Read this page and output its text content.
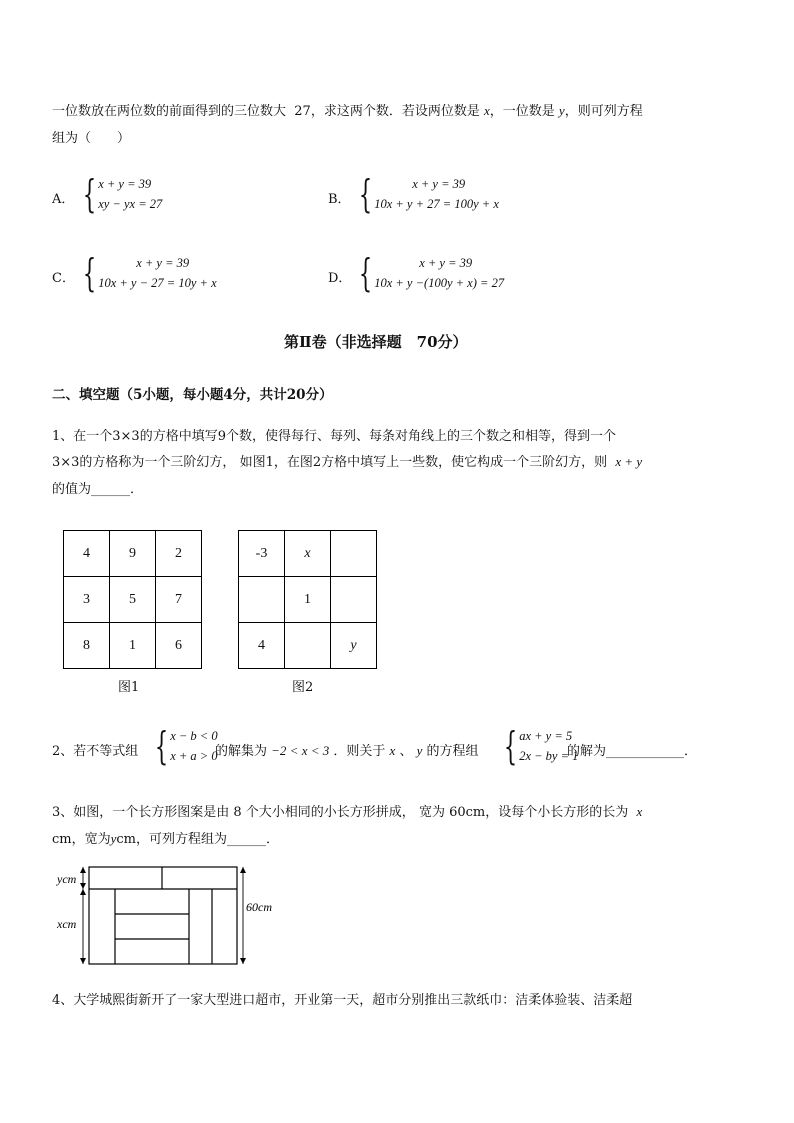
一位数放在两位数的前面得到的三位数大 27，求这两个数．若设两位数是 x，一位数是 y，则可列方程
组为（　　）
A． { x + y = 39
xy − yx = 27	B． {	x + y = 39
10x + y + 27 = 100y + x
C． {	x + y = 39
10x + y − 27 = 10y + x	D． {	x + y = 39
10x + y −(100y + x) = 27
第Ⅱ卷（非选择题　70分）
二、填空题（5小题，每小题4分，共计20分）
1、在一个3×3的方格中填写9个数，使得每行、每列、每条对角线上的三个数之和相等，得到一个
3×3的方格称为一个三阶幻方， 如图1，在图2方格中填写上一些数，使它构成一个三阶幻方，则 x + y
的值为______．
4	9	2
3	5	7
8	1	6
图1
-3	x	
	1	
4		y
图2
2、若不等式组 { x − b < 0
x + a > 0
的解集为 −2 < x < 3 ．则关于 x 、 y 的方程组 { ax + y = 5
2x − by = 1
的解为____________．
3、如图，一个长方形图案是由 8 个大小相同的小长方形拼成， 宽为 60cm，设每个小长方形的长为 x
cm，宽为ycm，可列方程组为______．
ycm
xcm
60cm
4、大学城熙街新开了一家大型进口超市，开业第一天，超市分别推出三款纸巾：洁柔体验装、洁柔超
